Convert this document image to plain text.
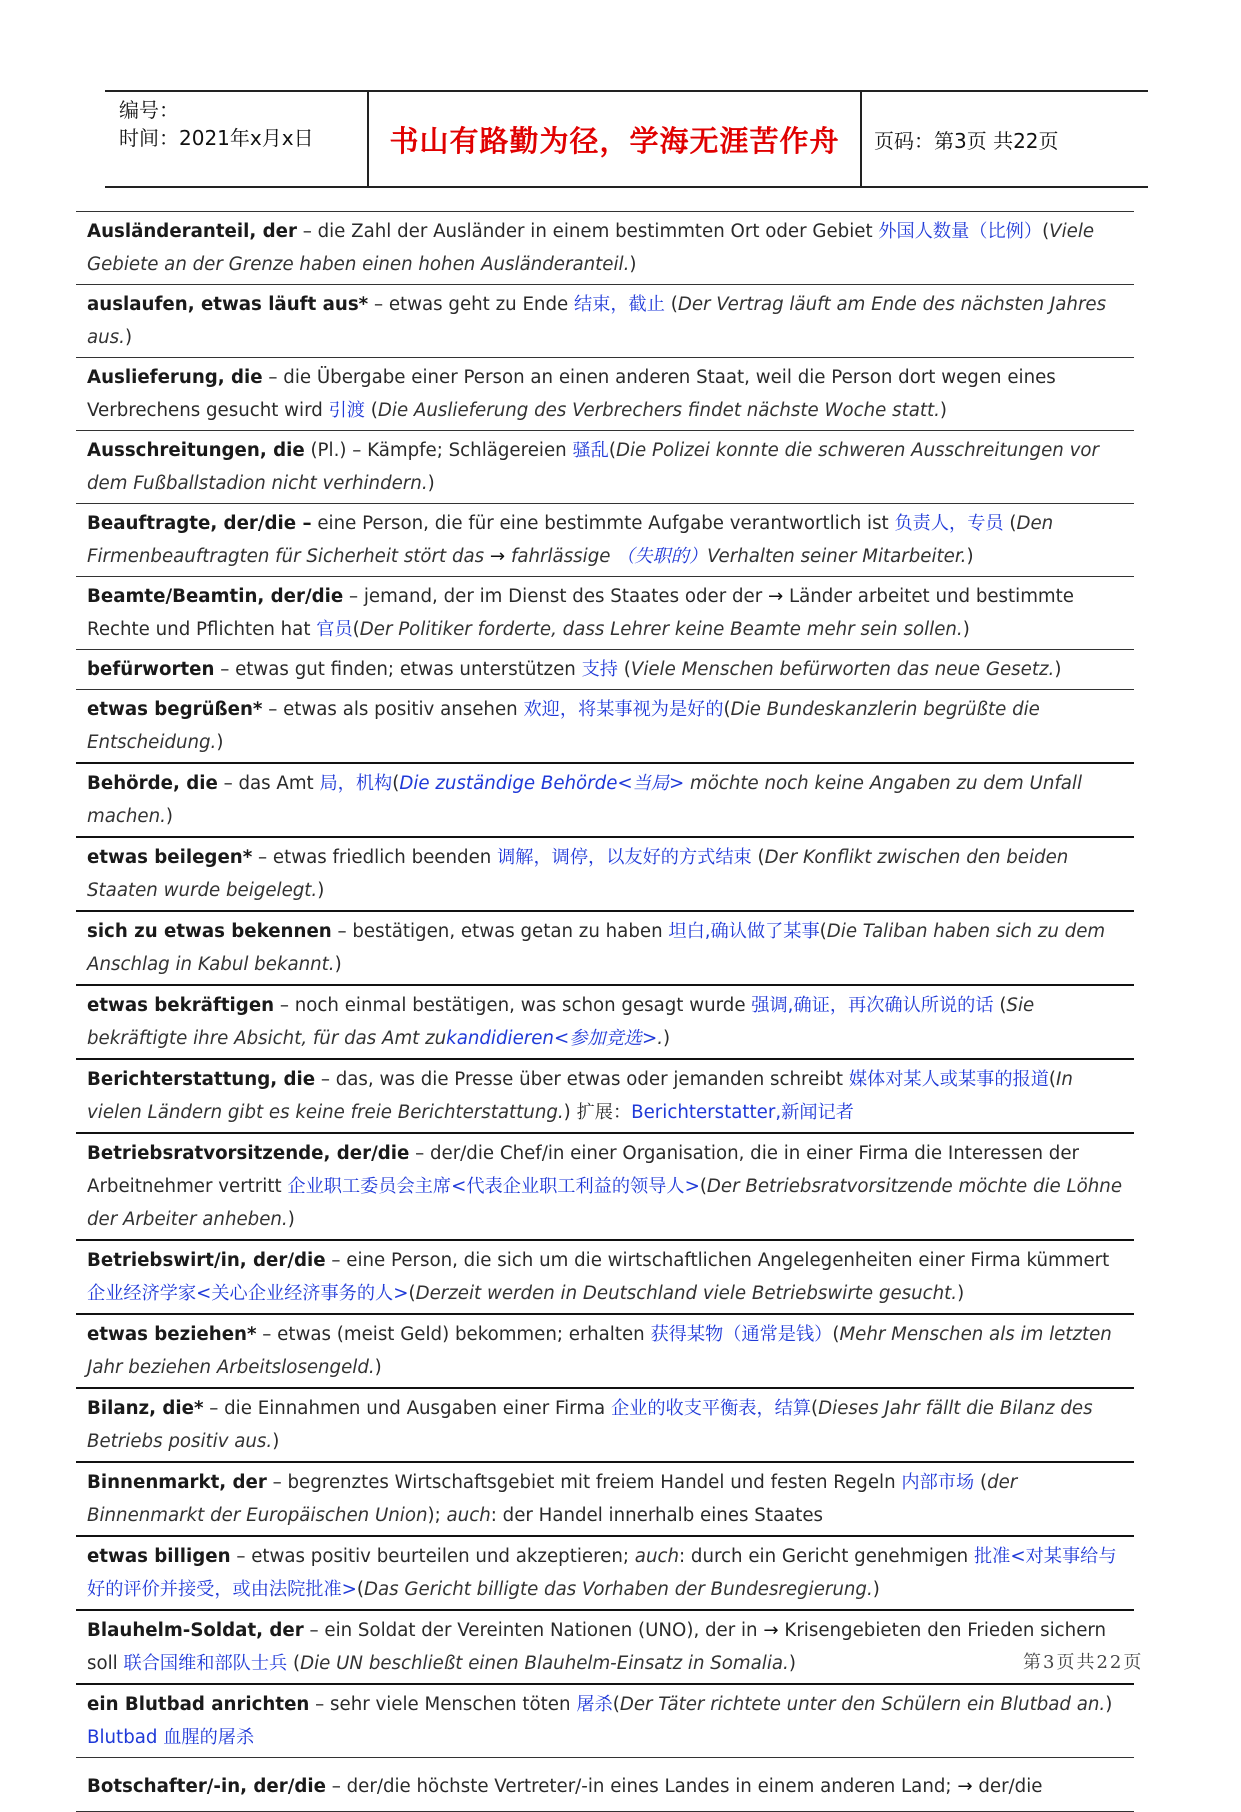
编号：
时间：2021年x月x日	书山有路勤为径，学海无涯苦作舟	页码：第3页 共22页
Ausländeranteil, der – die Zahl der Ausländer in einem bestimmten Ort oder Gebiet 外国人数量（比例）(Viele Gebiete an der Grenze haben einen hohen Ausländeranteil.)
auslaufen, etwas läuft aus* – etwas geht zu Ende 结束，截止 (Der Vertrag läuft am Ende des nächsten Jahres aus.)
Auslieferung, die – die Übergabe einer Person an einen anderen Staat, weil die Person dort wegen eines Verbrechens gesucht wird 引渡 (Die Auslieferung des Verbrechers findet nächste Woche statt.)
Ausschreitungen, die (Pl.) – Kämpfe; Schlägereien 骚乱(Die Polizei konnte die schweren Ausschreitungen vor dem Fußballstadion nicht verhindern.)
Beauftragte, der/die – eine Person, die für eine bestimmte Aufgabe verantwortlich ist 负责人，专员 (Den Firmenbeauftragten für Sicherheit stört das → fahrlässige （失职的）Verhalten seiner Mitarbeiter.)
Beamte/Beamtin, der/die – jemand, der im Dienst des Staates oder der → Länder arbeitet und bestimmte Rechte und Pflichten hat 官员(Der Politiker forderte, dass Lehrer keine Beamte mehr sein sollen.)
befürworten – etwas gut finden; etwas unterstützen 支持 (Viele Menschen befürworten das neue Gesetz.)
etwas begrüßen* – etwas als positiv ansehen 欢迎，将某事视为是好的(Die Bundeskanzlerin begrüßte die Entscheidung.)
Behörde, die – das Amt 局，机构(Die zuständige Behörde<当局> möchte noch keine Angaben zu dem Unfall machen.)
etwas beilegen* – etwas friedlich beenden 调解，调停，以友好的方式结束 (Der Konflikt zwischen den beiden Staaten wurde beigelegt.)
sich zu etwas bekennen – bestätigen, etwas getan zu haben 坦白,确认做了某事(Die Taliban haben sich zu dem Anschlag in Kabul bekannt.)
etwas bekräftigen – noch einmal bestätigen, was schon gesagt wurde 强调,确证，再次确认所说的话 (Sie bekräftigte ihre Absicht, für das Amt zukandidieren<参加竞选>.)
Berichterstattung, die – das, was die Presse über etwas oder jemanden schreibt 媒体对某人或某事的报道(In vielen Ländern gibt es keine freie Berichterstattung.) 扩展：Berichterstatter,新闻记者
Betriebsratvorsitzende, der/die – der/die Chef/in einer Organisation, die in einer Firma die Interessen der Arbeitnehmer vertritt 企业职工委员会主席<代表企业职工利益的领导人>(Der Betriebsratvorsitzende möchte die Löhne der Arbeiter anheben.)
Betriebswirt/in, der/die – eine Person, die sich um die wirtschaftlichen Angelegenheiten einer Firma kümmert 企业经济学家<关心企业经济事务的人>(Derzeit werden in Deutschland viele Betriebswirte gesucht.)
etwas beziehen* – etwas (meist Geld) bekommen; erhalten 获得某物（通常是钱）(Mehr Menschen als im letzten Jahr beziehen Arbeitslosengeld.)
Bilanz, die* – die Einnahmen und Ausgaben einer Firma 企业的收支平衡表，结算(Dieses Jahr fällt die Bilanz des Betriebs positiv aus.)
Binnenmarkt, der – begrenztes Wirtschaftsgebiet mit freiem Handel und festen Regeln 内部市场 (der Binnenmarkt der Europäischen Union); auch: der Handel innerhalb eines Staates
etwas billigen – etwas positiv beurteilen und akzeptieren; auch: durch ein Gericht genehmigen 批准<对某事给与好的评价并接受，或由法院批准>(Das Gericht billigte das Vorhaben der Bundesregierung.)
Blauhelm-Soldat, der – ein Soldat der Vereinten Nationen (UNO), der in → Krisengebieten den Frieden sichern soll 联合国维和部队士兵 (Die UN beschließt einen Blauhelm-Einsatz in Somalia.)
ein Blutbad anrichten – sehr viele Menschen töten 屠杀(Der Täter richtete unter den Schülern ein Blutbad an.) Blutbad 血腥的屠杀
Botschafter/-in, der/die – der/die höchste Vertreter/-in eines Landes in einem anderen Land; → der/die
第3页共22页
